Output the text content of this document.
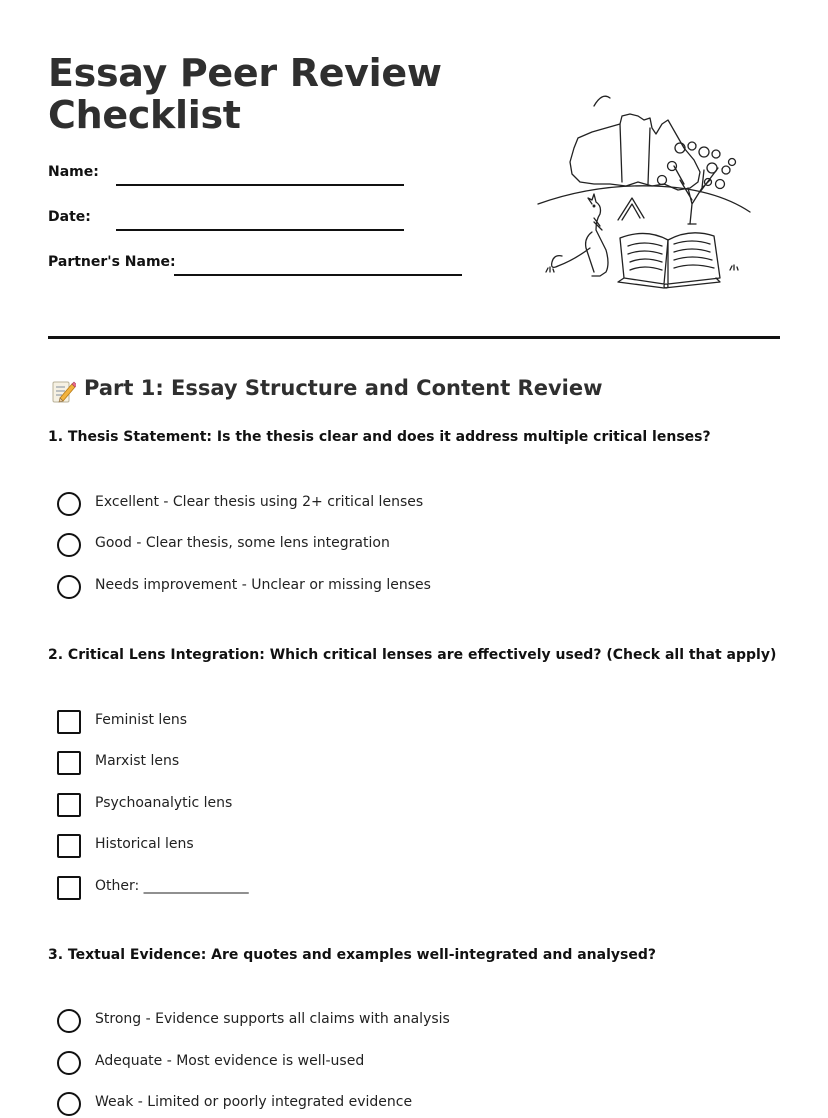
Essay Peer Review Checklist
Name:
Date:
Partner's Name:
Part 1: Essay Structure and Content Review
1. Thesis Statement: Is the thesis clear and does it address multiple critical lenses?
Excellent - Clear thesis using 2+ critical lenses
Good - Clear thesis, some lens integration
Needs improvement - Unclear or missing lenses
2. Critical Lens Integration: Which critical lenses are effectively used? (Check all that apply)
Feminist lens
Marxist lens
Psychoanalytic lens
Historical lens
Other: _______________
3. Textual Evidence: Are quotes and examples well-integrated and analysed?
Strong - Evidence supports all claims with analysis
Adequate - Most evidence is well-used
Weak - Limited or poorly integrated evidence
